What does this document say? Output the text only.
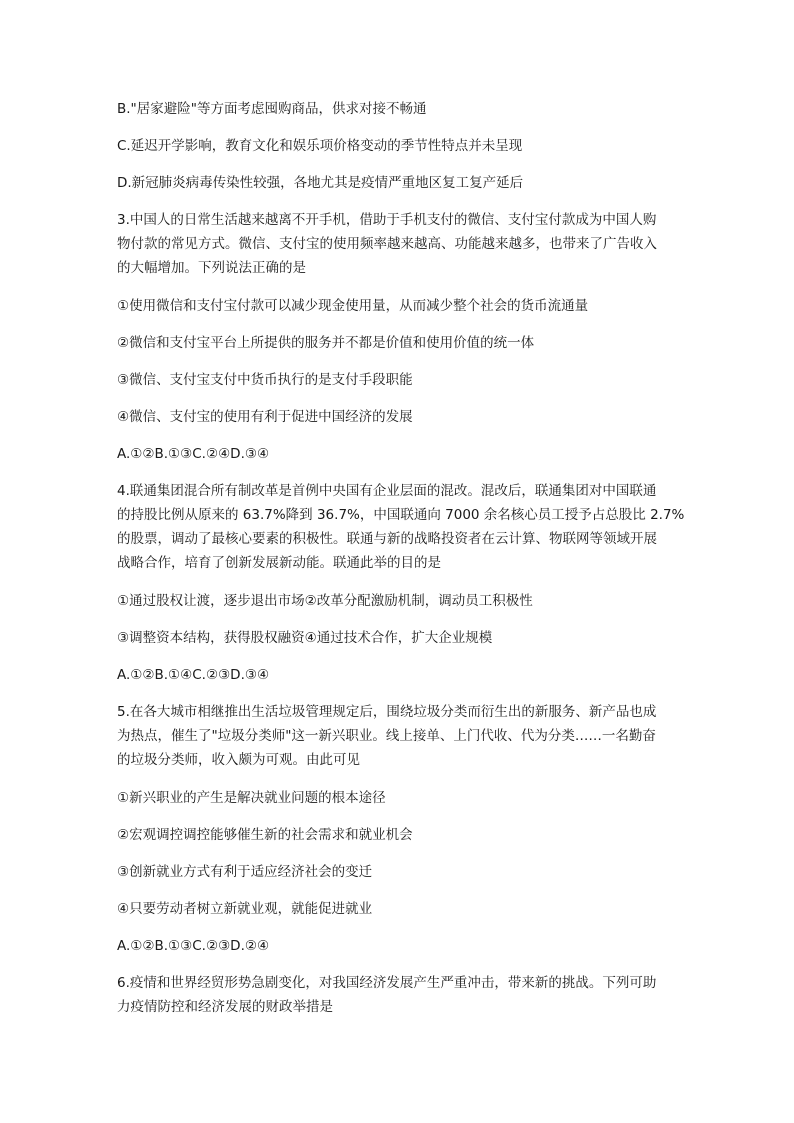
B."居家避险"等方面考虑囤购商品，供求对接不畅通
C.延迟开学影响，教育文化和娱乐项价格变动的季节性特点并未呈现
D.新冠肺炎病毒传染性较强，各地尤其是疫情严重地区复工复产延后
3.中国人的日常生活越来越离不开手机，借助于手机支付的微信、支付宝付款成为中国人购
物付款的常见方式。微信、支付宝的使用频率越来越高、功能越来越多，也带来了广告收入
的大幅增加。下列说法正确的是
①使用微信和支付宝付款可以减少现金使用量，从而减少整个社会的货币流通量
②微信和支付宝平台上所提供的服务并不都是价值和使用价值的统一体
③微信、支付宝支付中货币执行的是支付手段职能
④微信、支付宝的使用有利于促进中国经济的发展
A.①②B.①③C.②④D.③④
4.联通集团混合所有制改革是首例中央国有企业层面的混改。混改后，联通集团对中国联通
的持股比例从原来的 63.7%降到 36.7%，中国联通向 7000 余名核心员工授予占总股比 2.7%
的股票，调动了最核心要素的积极性。联通与新的战略投资者在云计算、物联网等领域开展
战略合作，培育了创新发展新动能。联通此举的目的是
①通过股权让渡，逐步退出市场②改革分配激励机制，调动员工积极性
③调整资本结构，获得股权融资④通过技术合作，扩大企业规模
A.①②B.①④C.②③D.③④
5.在各大城市相继推出生活垃圾管理规定后，围绕垃圾分类而衍生出的新服务、新产品也成
为热点，催生了"垃圾分类师"这一新兴职业。线上接单、上门代收、代为分类……一名勤奋
的垃圾分类师，收入颇为可观。由此可见
①新兴职业的产生是解决就业问题的根本途径
②宏观调控调控能够催生新的社会需求和就业机会
③创新就业方式有利于适应经济社会的变迁
④只要劳动者树立新就业观，就能促进就业
A.①②B.①③C.②③D.②④
6.疫情和世界经贸形势急剧变化，对我国经济发展产生严重冲击，带来新的挑战。下列可助
力疫情防控和经济发展的财政举措是
